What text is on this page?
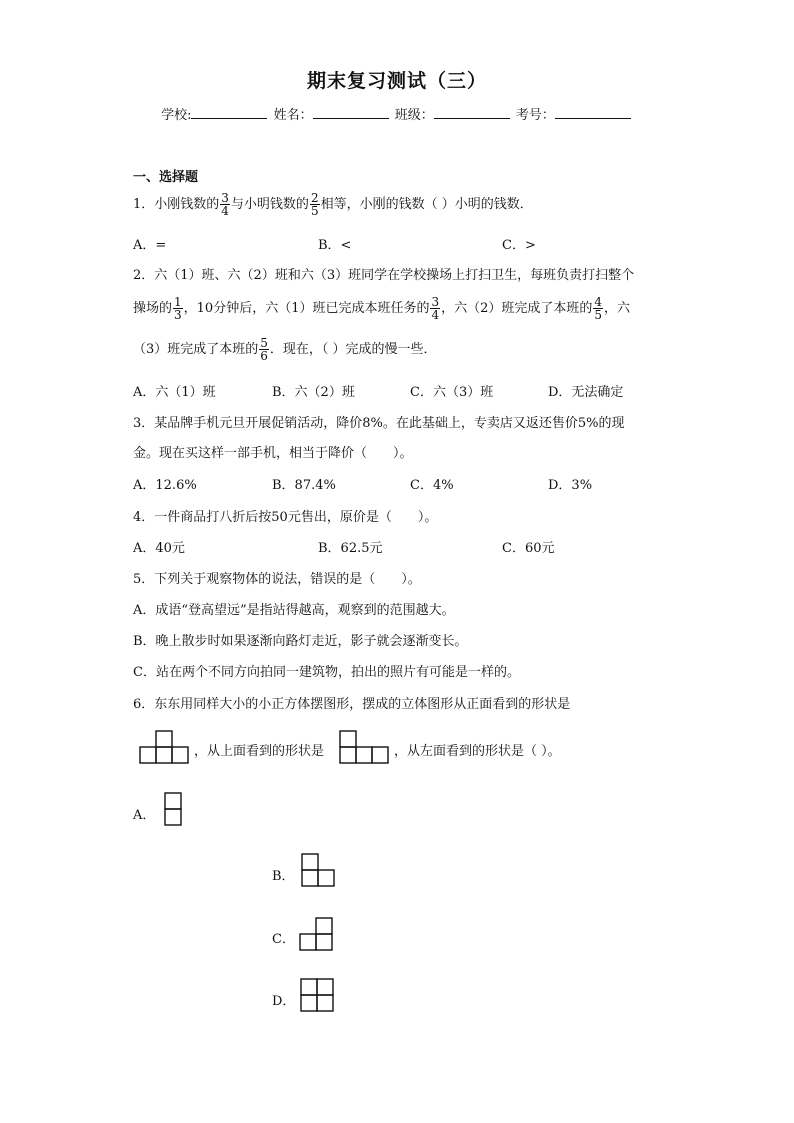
期末复习测试（三）
学校:	姓名：	班级：	考号：
一、选择题
1．小刚钱数的 $\frac{3}{4}$ 与小明钱数的 $\frac{2}{5}$ 相等，小刚的钱数（ ）小明的钱数．
A．=	B．<	C．>
2．六（1）班、六（2）班和六（3）班同学在学校操场上打扫卫生，每班负责打扫整个
操场的 $\frac{1}{3}$ ，10分钟后，六（1）班已完成本班任务的 $\frac{3}{4}$ ，六（2）班完成了本班的 $\frac{4}{5}$ ，六
（3）班完成了本班的 $\frac{5}{6}$ ．现在，（ ）完成的慢一些．
A．六（1）班	B．六（2）班	C．六（3）班	D．无法确定
3．某品牌手机元旦开展促销活动，降价8%。在此基础上，专卖店又返还售价5%的现
金。现在买这样一部手机，相当于降价（　　）。
A．12.6%	B．87.4%	C．4%	D．3%
4．一件商品打八折后按50元售出，原价是（　　）。
A．40元	B．62.5元	C．60元
5．下列关于观察物体的说法，错误的是（　　）。
A．成语“登高望远”是指站得越高，观察到的范围越大。
B．晚上散步时如果逐渐向路灯走近，影子就会逐渐变长。
C．站在两个不同方向拍同一建筑物，拍出的照片有可能是一样的。
6．东东用同样大小的小正方体摆图形，摆成的立体图形从正面看到的形状是
，从上面看到的形状是	，从左面看到的形状是（ ）。
A．
B．
C．
D．
